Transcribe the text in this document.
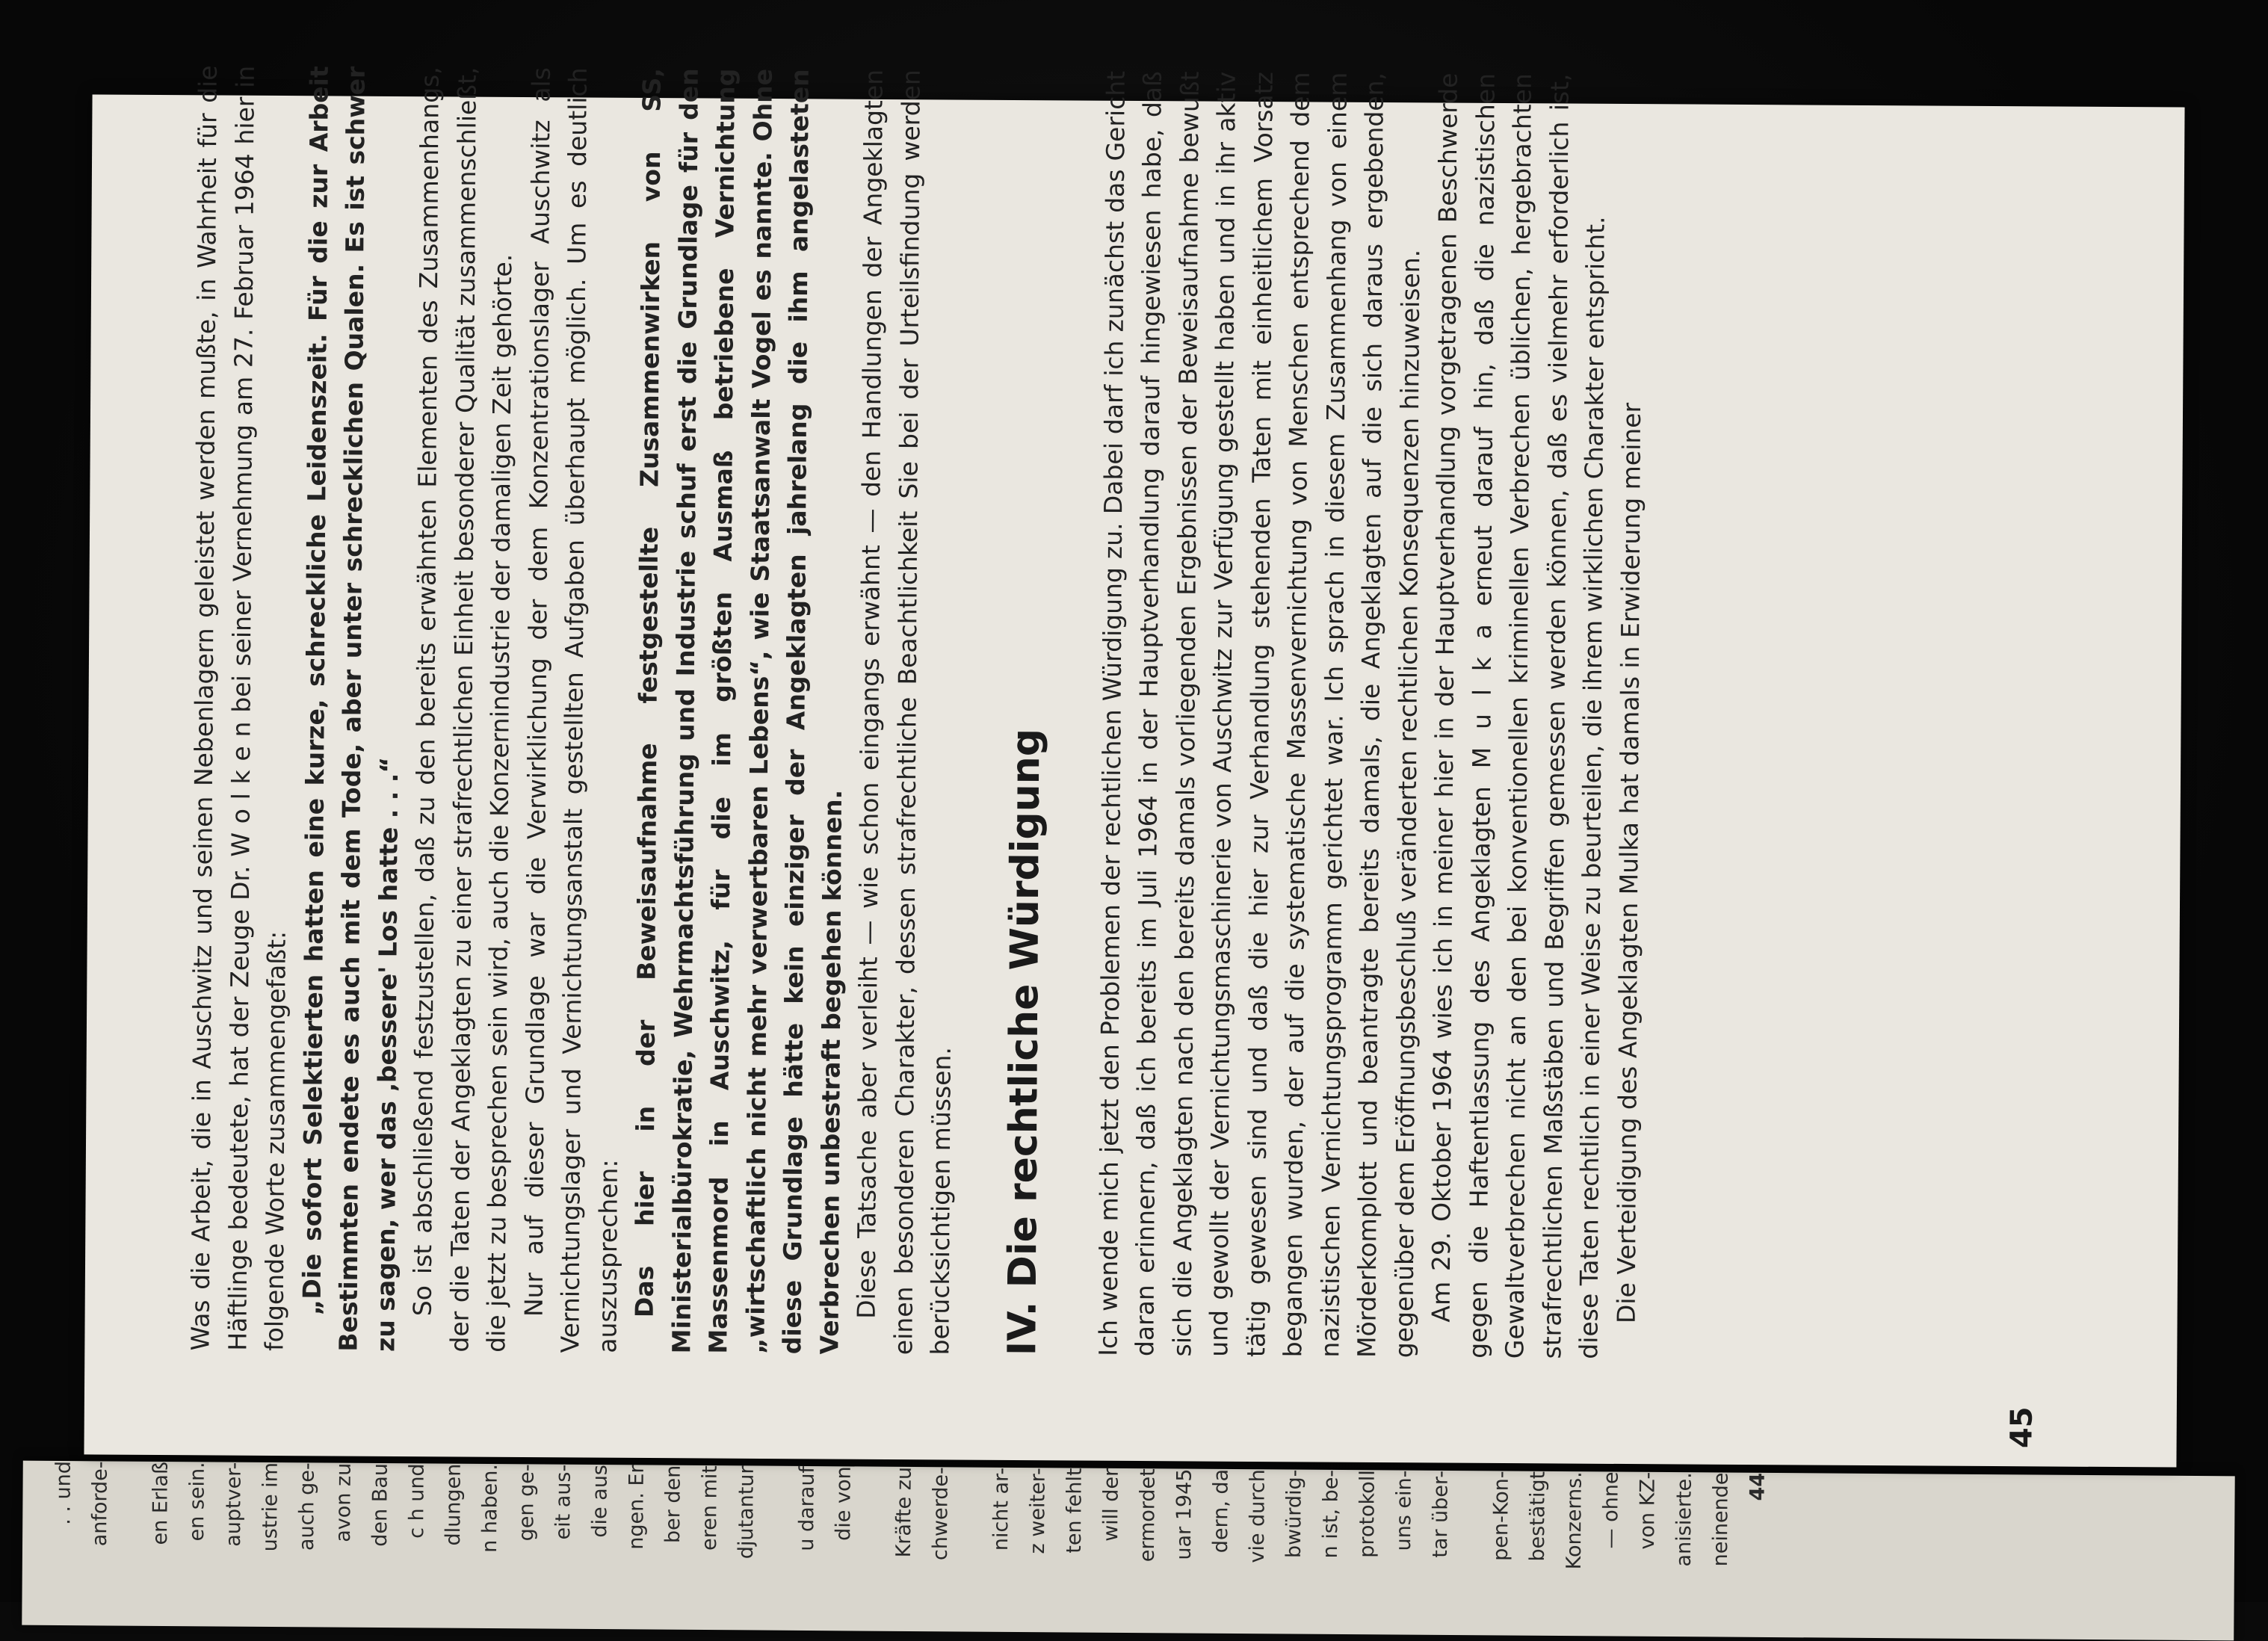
. . und anforde-	en Erlaß en sein. auptver- ustrie im auch ge- avon zu den Bau c h und dlungen n haben. gen ge- eit aus- die aus ngen. Er ber den eren mit djutantur	u darauf die von	Kräfte zu chwerde-	nicht ar- z weiter- ten fehlt will der ermordet uar 1945 dern, da vie durch bwürdig- n ist, be- protokoll uns ein- tar über-	pen-Kon- bestätigt Konzerns. — ohne von KZ- anisierte. neinende 44

Was die Arbeit, die in Auschwitz und seinen Nebenlagern geleistet werden mußte, in Wahrheit für die Häftlinge bedeutete, hat der Zeuge Dr. W o l k e n bei seiner Vernehmung am 27. Februar 1964 hier in folgende Worte zusammengefaßt: „Die sofort Selektierten hatten eine kurze, schreckliche Leidenszeit. Für die zur Arbeit Bestimmten endete es auch mit dem Tode, aber unter schrecklichen Qualen. Es ist schwer zu sagen, wer das ‚bessere' Los hatte . . .“ So ist abschließend festzustellen, daß zu den bereits erwähnten Elementen des Zusammenhangs, der die Taten der Angeklagten zu einer strafrechtlichen Einheit besonderer Qualität zusammenschließt, die jetzt zu besprechen sein wird, auch die Konzernindustrie der damaligen Zeit gehörte. Nur auf dieser Grundlage war die Verwirklichung der dem Konzentrationslager Auschwitz als Vernichtungslager und Vernichtungsanstalt gestellten Aufgaben überhaupt möglich. Um es deutlich auszusprechen: Das hier in der Beweisaufnahme festgestellte Zusammenwirken von SS, Ministerialbürokratie, Wehrmachtsführung und Industrie schuf erst die Grundlage für den Massenmord in Auschwitz, für die im größten Ausmaß betriebene Vernichtung „wirtschaftlich nicht mehr verwertbaren Lebens“, wie Staatsanwalt Vogel es nannte. Ohne diese Grundlage hätte kein einziger der Angeklagten jahrelang die ihm angelasteten Verbrechen unbestraft begehen können. Diese Tatsache aber verleiht — wie schon eingangs erwähnt — den Handlungen der Angeklagten einen besonderen Charakter, dessen strafrechtliche Beachtlichkeit Sie bei der Urteilsfindung werden berücksichtigen müssen. IV. Die rechtliche Würdigung Ich wende mich jetzt den Problemen der rechtlichen Würdigung zu. Dabei darf ich zunächst das Gericht daran erinnern, daß ich bereits im Juli 1964 in der Hauptverhandlung darauf hingewiesen habe, daß sich die Angeklagten nach den bereits damals vorliegenden Ergebnissen der Beweisaufnahme bewußt und gewollt der Vernichtungsmaschinerie von Auschwitz zur Verfügung gestellt haben und in ihr aktiv tätig gewesen sind und daß die hier zur Verhandlung stehenden Taten mit einheitlichem Vorsatz begangen wurden, der auf die systematische Massenvernichtung von Menschen entsprechend dem nazistischen Vernichtungsprogramm gerichtet war. Ich sprach in diesem Zusammenhang von einem Mörderkomplott und beantragte bereits damals, die Angeklagten auf die sich daraus ergebenden, gegenüber dem Eröffnungsbeschluß veränderten rechtlichen Konsequenzen hinzuweisen. Am 29. Oktober 1964 wies ich in meiner hier in der Hauptverhandlung vorgetragenen Beschwerde gegen die Haftentlassung des Angeklagten M u l k a erneut darauf hin, daß die nazistischen Gewaltverbrechen nicht an den bei konventionellen kriminellen Verbrechen üblichen, hergebrachten strafrechtlichen Maßstäben und Begriffen gemessen werden können, daß es vielmehr erforderlich ist, diese Taten rechtlich in einer Weise zu beurteilen, die ihrem wirklichen Charakter entspricht. Die Verteidigung des Angeklagten Mulka hat damals in Erwiderung meiner

45
